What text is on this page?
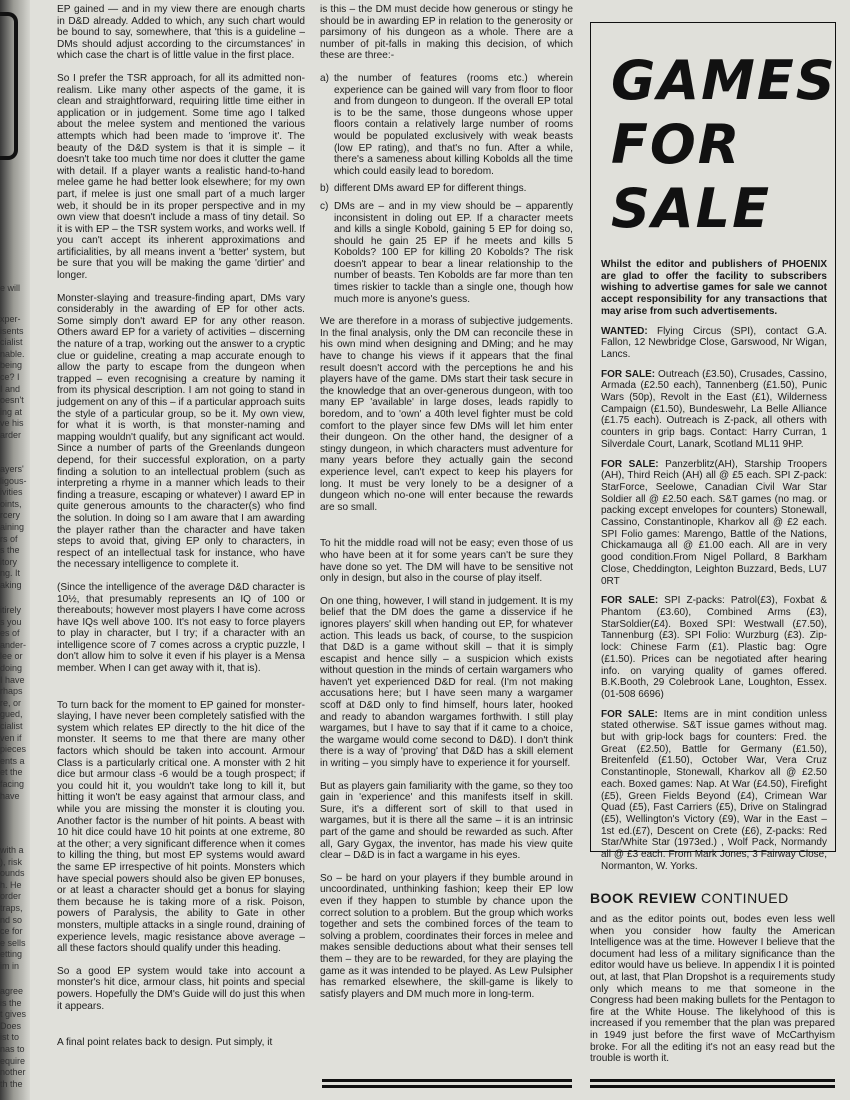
e will
xper-
isents
cialist
nable.
being
ce? I
I and
oesn't
ing at
ve his
arder
ayers'
ligous-
ivities
oints,
rcery
aining
rs of
s the
itory
ng. It
aking
itirely
s you
es of
ander-
lee or
doing
I have
rhaps
re, or
gued,
cialist
ven if
pieces
ents a
et the
facing
have
with a
), risk
ounds
h. He
order
traps,
nd so
ce for
e sells
etting
im in
agree
is the
t gives
Does
ist to
nas to
equire
nother
th the

EP gained — and in my view there are enough charts in D&D already. Added to which, any such chart would be bound to say, somewhere, that 'this is a guideline – DMs should adjust according to the circumstances' in which case the chart is of little value in the first place.

So I prefer the TSR approach, for all its admitted non-realism. Like many other aspects of the game, it is clean and straightforward, requiring little time either in application or in judgement. Some time ago I talked about the melee system and mentioned the various attempts which had been made to 'improve it'. The beauty of the D&D system is that it is simple – it doesn't take too much time nor does it clutter the game with detail. If a player wants a realistic hand-to-hand melee game he had better look elsewhere; for my own part, if melee is just one small part of a much larger web, it should be in its proper perspective and in my own view that doesn't include a mass of tiny detail. So it is with EP – the TSR system works, and works well. If you can't accept its inherent approximations and artificialities, by all means invent a 'better' system, but be sure that you will be making the game 'dirtier' and longer.

Monster-slaying and treasure-finding apart, DMs vary considerably in the awarding of EP for other acts. Some simply don't award EP for any other reason. Others award EP for a variety of activities – discerning the nature of a trap, working out the answer to a cryptic clue or guideline, creating a map accurate enough to allow the party to escape from the dungeon when trapped – even recognising a creature by naming it from its physical description. I am not going to stand in judgement on any of this – if a particular approach suits the style of a particular group, so be it. My own view, for what it is worth, is that monster-naming and mapping wouldn't qualify, but any significant act would. Since a number of parts of the Greenlands dungeon depend, for their successful exploration, on a party finding a solution to an intellectual problem (such as interpreting a rhyme in a manner which leads to their finding a treasure, escaping or whatever) I award EP in quite generous amounts to the character(s) who find the solution. In doing so I am aware that I am awarding the player rather than the character and have taken steps to avoid that, giving EP only to characters, in respect of an intellectual task for instance, who have the necessary intelligence to complete it.

(Since the intelligence of the average D&D character is 10½, that presumably represents an IQ of 100 or thereabouts; however most players I have come across have IQs well above 100. It's not easy to force players to play in character, but I try; if a character with an intelligence score of 7 comes across a cryptic puzzle, I don't allow him to solve it even if his player is a Mensa member. When I can get away with it, that is).

To turn back for the moment to EP gained for monster-slaying, I have never been completely satisfied with the system which relates EP directly to the hit dice of the monster. It seems to me that there are many other factors which should be taken into account. Armour Class is a particularly critical one. A monster with 2 hit dice but armour class -6 would be a tough prospect; if you could hit it, you wouldn't take long to kill it, but hitting it won't be easy against that armour class, and while you are missing the monster it is clouting you. Another factor is the number of hit points. A beast with 10 hit dice could have 10 hit points at one extreme, 80 at the other; a very significant difference when it comes to killing the thing, but most EP systems would award the same EP irrespective of hit points. Monsters which have special powers should also be given EP bonuses, or at least a character should get a bonus for slaying them because he is taking more of a risk. Poison, powers of Paralysis, the ability to Gate in other monsters, multiple attacks in a single round, draining of experience levels, magic resistance above average – all these factors should qualify under this heading.

So a good EP system would take into account a monster's hit dice, armour class, hit points and special powers. Hopefully the DM's Guide will do just this when it appears.

A final point relates back to design. Put simply, it

is this – the DM must decide how generous or stingy he should be in awarding EP in relation to the generosity or parsimony of his dungeon as a whole. There are a number of pit-falls in making this decision, of which these are three:-

a) the number of features (rooms etc.) wherein experience can be gained will vary from floor to floor and from dungeon to dungeon. If the overall EP total is to be the same, those dungeons whose upper floors contain a relatively large number of rooms would be populated exclusively with weak beasts (low EP rating), and that's no fun. After a while, there's a sameness about killing Kobolds all the time which could easily lead to boredom.
b) different DMs award EP for different things.
c) DMs are – and in my view should be – apparently inconsistent in doling out EP. If a character meets and kills a single Kobold, gaining 5 EP for doing so, should he gain 25 EP if he meets and kills 5 Kobolds? 100 EP for killing 20 Kobolds? The risk doesn't appear to bear a linear relationship to the number of beasts. Ten Kobolds are far more than ten times riskier to tackle than a single one, though how much more is anyone's guess.

We are therefore in a morass of subjective judgements. In the final analysis, only the DM can reconcile these in his own mind when designing and DMing; and he may have to change his views if it appears that the final result doesn't accord with the perceptions he and his players have of the game. DMs start their task secure in the knowledge that an over-generous dungeon, with too many EP 'available' in large doses, leads rapidly to boredom, and to 'own' a 40th level fighter must be cold comfort to the player since few DMs will let him enter their dungeon. On the other hand, the designer of a stingy dungeon, in which characters must adventure for many years before they actually gain the second experience level, can't expect to keep his players for long. It must be very lonely to be a designer of a dungeon which no-one will enter because the rewards are so small.

To hit the middle road will not be easy; even those of us who have been at it for some years can't be sure they have done so yet. The DM will have to be sensitive not only in design, but also in the course of play itself.

On one thing, however, I will stand in judgement. It is my belief that the DM does the game a disservice if he ignores players' skill when handing out EP, for whatever action. This leads us back, of course, to the suspicion that D&D is a game without skill – that it is simply escapist and hence silly – a suspicion which exists without question in the minds of certain wargamers who haven't yet experienced D&D for real. (I'm not making accusations here; but I have seen many a wargamer scoff at D&D only to find himself, hours later, hooked and ready to abandon wargames forthwith. I still play wargames, but I have to say that if it came to a choice, the wargame would come second to D&D). I don't think there is a way of 'proving' that D&D has a skill element in writing – you simply have to experience it for yourself.

But as players gain familiarity with the game, so they too gain in 'experience' and this manifests itself in skill. Sure, it's a different sort of skill to that used in wargames, but it is there all the same – it is an intrinsic part of the game and should be rewarded as such. After all, Gary Gygax, the inventor, has made his view quite clear – D&D is in fact a wargame in his eyes.

So – be hard on your players if they bumble around in uncoordinated, unthinking fashion; keep their EP low even if they happen to stumble by chance upon the correct solution to a problem. But the group which works together and sets the combined forces of the team to solving a problem, coordinates their forces in melee and makes sensible deductions about what their senses tell them – they are to be rewarded, for they are playing the game as it was intended to be played. As Lew Pulsipher has remarked elsewhere, the skill-game is likely to satisfy players and DM much more in long-term.

GAMES
FOR
SALE

Whilst the editor and publishers of PHOENIX are glad to offer the facility to subscribers wishing to advertise games for sale we cannot accept responsibility for any transactions that may arise from such advertisements.

WANTED: Flying Circus (SPI), contact G.A. Fallon, 12 Newbridge Close, Garswood, Nr Wigan, Lancs.

FOR SALE: Outreach (£3.50), Crusades, Cassino, Armada (£2.50 each), Tannenberg (£1.50), Punic Wars (50p), Revolt in the East (£1), Wilderness Campaign (£1.50), Bundeswehr, La Belle Alliance (£1.75 each). Outreach is Z-pack, all others with counters in grip bags. Contact: Harry Curran, 1 Silverdale Court, Lanark, Scotland ML11 9HP.

FOR SALE: Panzerblitz(AH), Starship Troopers (AH), Third Reich (AH) all @ £5 each. SPI Z-pack: StarForce, Seelowe, Canadian Civil War Star Soldier all @ £2.50 each. S&T games (no mag. or packing except envelopes for counters) Stonewall, Cassino, Constantinople, Kharkov all @ £2 each. SPI Folio games: Marengo, Battle of the Nations, Chickamauga all @ £1.00 each. All are in very good condition.From Nigel Pollard, 8 Barkham Close, Cheddington, Leighton Buzzard, Beds, LU7 0RT

FOR SALE: SPI Z-packs: Patrol(£3), Foxbat & Phantom (£3.60), Combined Arms (£3), StarSoldier(£4). Boxed SPI: Westwall (£7.50), Tannenburg (£3). SPI Folio: Wurzburg (£3). Zip-lock: Chinese Farm (£1). Plastic bag: Ogre (£1.50). Prices can be negotiated after hearing info. on varying quality of games offered. B.K.Booth, 29 Colebrook Lane, Loughton, Essex. (01-508 6696)

FOR SALE: Items are in mint condition unless stated otherwise. S&T issue games without mag. but with grip-lock bags for counters: Fred. the Great (£2.50), Battle for Germany (£1.50), Breitenfeld (£1.50), October War, Vera Cruz Constantinople, Stonewall, Kharkov all @ £2.50 each. Boxed games: Nap. At War (£4.50), Firefight (£5), Green Fields Beyond (£4), Crimean War Quad (£5), Fast Carriers (£5), Drive on Stalingrad (£5), Wellington's Victory (£9), War in the East – 1st ed.(£7), Descent on Crete (£6), Z-packs: Red Star/White Star (1973ed.) , Wolf Pack, Normandy all @ £3 each. From Mark Jones, 3 Fairway Close, Normanton, W. Yorks.

BOOK REVIEW CONTINUED

and as the editor points out, bodes even less well when you consider how faulty the American Intelligence was at the time. However I believe that the document had less of a military significance than the editor would have us believe. In appendix I it is pointed out, at last, that Plan Dropshot is a requirements study only which means to me that someone in the Congress had been making bullets for the Pentagon to fire at the White House. The likelyhood of this is increased if you remember that the plan was prepared in 1949 just before the first wave of McCarthyism broke. For all the editing it's not an easy read but the trouble is worth it.
